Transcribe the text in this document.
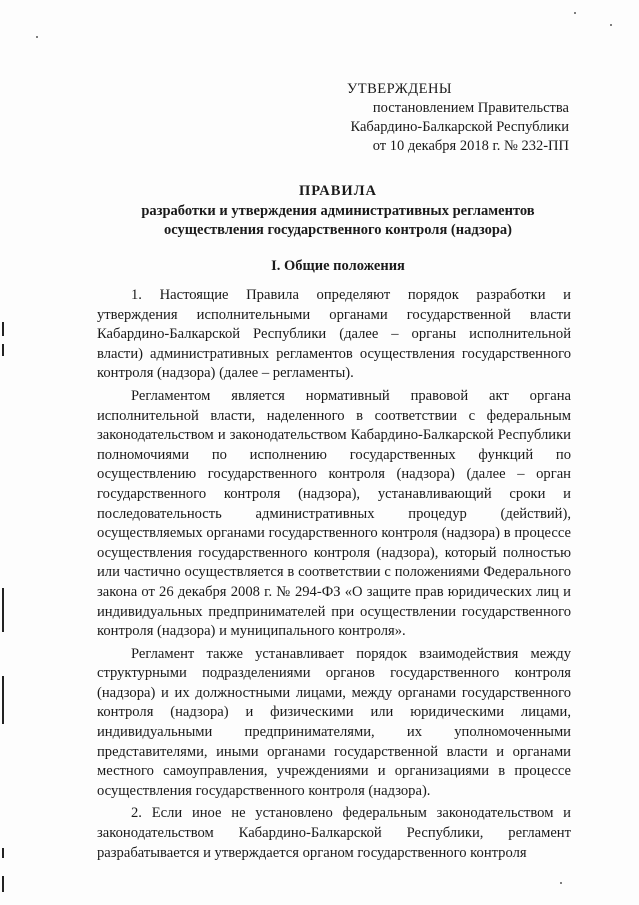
УТВЕРЖДЕНЫ
постановлением Правительства
Кабардино-Балкарской Республики
от 10 декабря 2018 г. № 232-ПП
ПРАВИЛА
разработки и утверждения административных регламентов
осуществления государственного контроля (надзора)
I. Общие положения

1. Настоящие Правила определяют порядок разработки и утверждения исполнительными органами государственной власти Кабардино-Балкарской Республики (далее – органы исполнительной власти) административных регламентов осуществления государственного контроля (надзора) (далее – регламенты).

Регламентом является нормативный правовой акт органа исполнительной власти, наделенного в соответствии с федеральным законодательством и законодательством Кабардино-Балкарской Республики полномочиями по исполнению государственных функций по осуществлению государственного контроля (надзора) (далее – орган государственного контроля (надзора), устанавливающий сроки и последовательность административных процедур (действий), осуществляемых органами государственного контроля (надзора) в процессе осуществления государственного контроля (надзора), который полностью или частично осуществляется в соответствии с положениями Федерального закона от 26 декабря 2008 г. № 294-ФЗ «О защите прав юридических лиц и индивидуальных предпринимателей при осуществлении государственного контроля (надзора) и муниципального контроля».

Регламент также устанавливает порядок взаимодействия между структурными подразделениями органов государственного контроля (надзора) и их должностными лицами, между органами государственного контроля (надзора) и физическими или юридическими лицами, индивидуальными предпринимателями, их уполномоченными представителями, иными органами государственной власти и органами местного самоуправления, учреждениями и организациями в процессе осуществления государственного контроля (надзора).

2. Если иное не установлено федеральным законодательством и законодательством Кабардино-Балкарской Республики, регламент разрабатывается и утверждается органом государственного контроля
